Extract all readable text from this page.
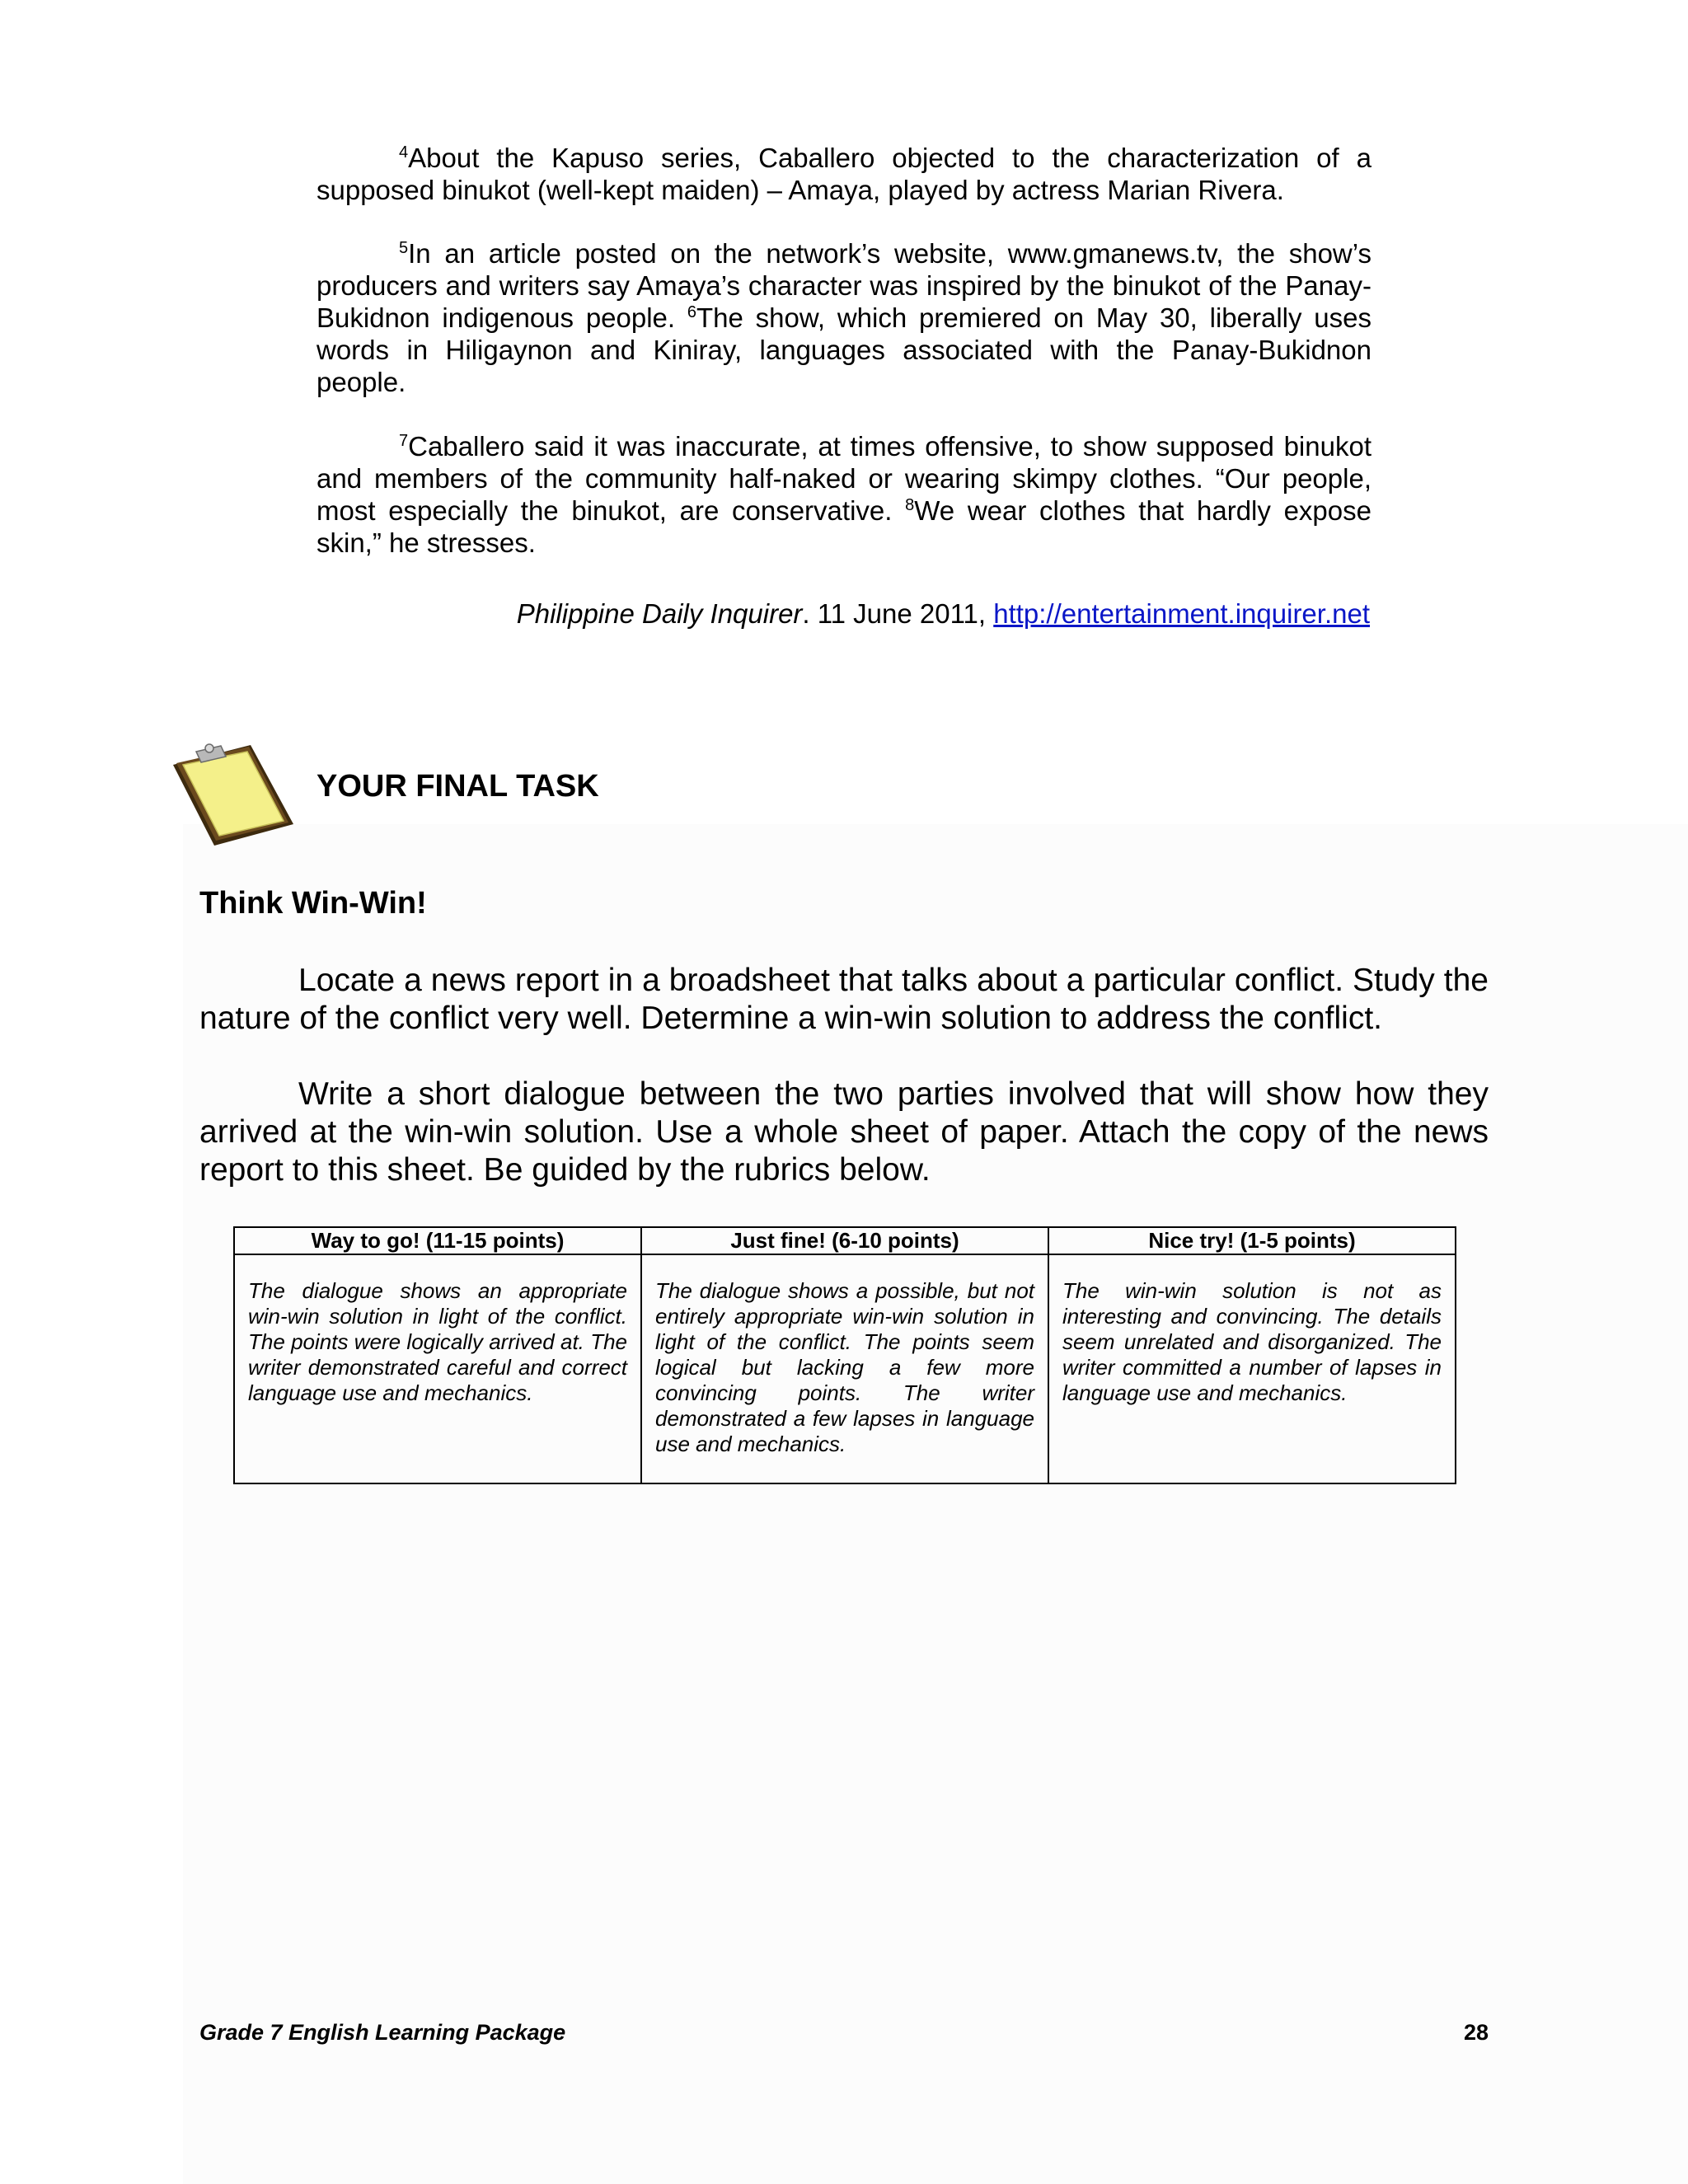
$^4$About the Kapuso series, Caballero objected to the characterization of a supposed binukot (well-kept maiden) – Amaya, played by actress Marian Rivera.

$^5$In an article posted on the network’s website, www.gmanews.tv, the show’s producers and writers say Amaya’s character was inspired by the binukot of the Panay-Bukidnon indigenous people. $^6$The show, which premiered on May 30, liberally uses words in Hiligaynon and Kiniray, languages associated with the Panay-Bukidnon people.

$^7$Caballero said it was inaccurate, at times offensive, to show supposed binukot and members of the community half-naked or wearing skimpy clothes. “Our people, most especially the binukot, are conservative. $^8$We wear clothes that hardly expose skin,” he stresses.

Philippine Daily Inquirer. 11 June 2011, http://entertainment.inquirer.net
YOUR FINAL TASK
Think Win-Win!

Locate a news report in a broadsheet that talks about a particular conflict. Study the nature of the conflict very well. Determine a win-win solution to address the conflict.

Write a short dialogue between the two parties involved that will show how they arrived at the win-win solution. Use a whole sheet of paper. Attach the copy of the news report to this sheet. Be guided by the rubrics below.

Way to go! (11-15 points)	Just fine! (6-10 points)	Nice try! (1-5 points)
The dialogue shows an appropriate win-win solution in light of the conflict. The points were logically arrived at. The writer demonstrated careful and correct language use and mechanics.	The dialogue shows a possible, but not entirely appropriate win-win solution in light of the conflict. The points seem logical but lacking a few more convincing points. The writer demonstrated a few lapses in language use and mechanics.	The win-win solution is not as interesting and convincing. The details seem unrelated and disorganized. The writer committed a number of lapses in language use and mechanics.
Grade 7 English Learning Package	28
